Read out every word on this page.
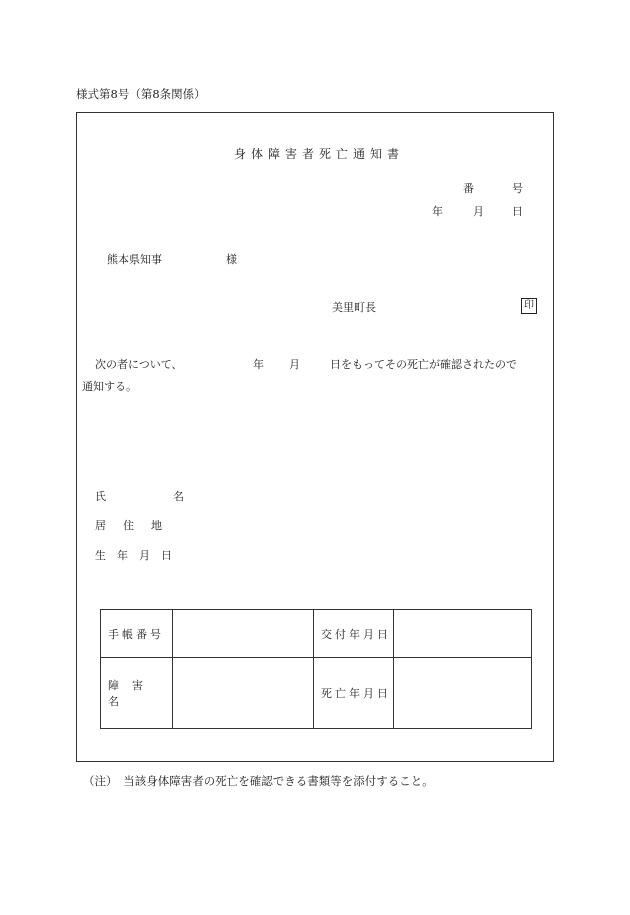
様式第8号（第8条関係）
身体障害者死亡通知書
番	号
年	月	日
熊本県知事	様
美里町長	印
次の者について、	年 月	日をもってその死亡が確認されたので
通知する。
氏	名
居住地
生年月日
手帳番号		交付年月日	
障害名		死亡年月日	
（注）　当該身体障害者の死亡を確認できる書類等を添付すること。
